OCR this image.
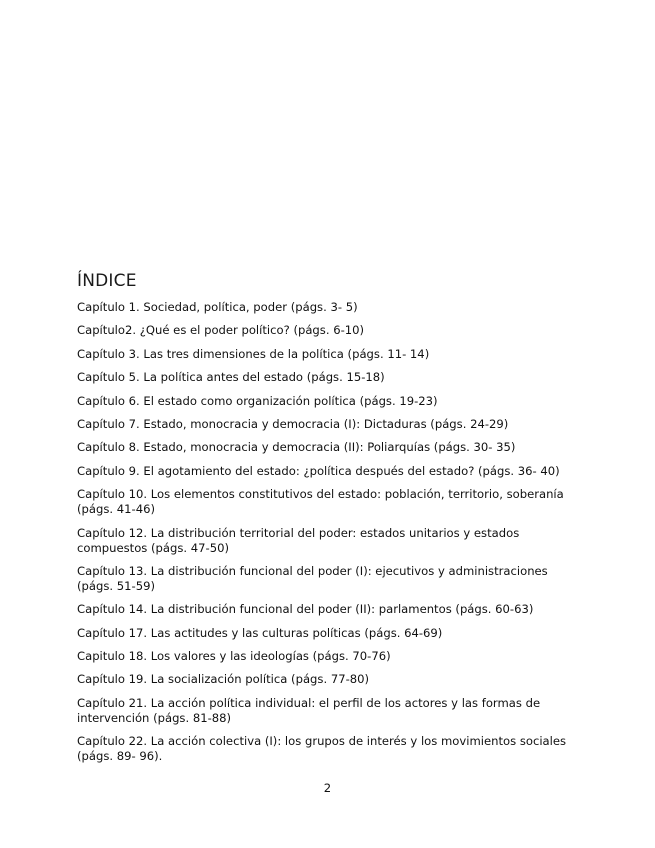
ÍNDICE
Capítulo 1. Sociedad, política, poder (págs. 3- 5)
Capítulo2. ¿Qué es el poder político? (págs. 6-10)
Capítulo 3. Las tres dimensiones de la política (págs. 11- 14)
Capítulo 5. La política antes del estado (págs. 15-18)
Capítulo 6. El estado como organización política (págs. 19-23)
Capítulo 7. Estado, monocracia y democracia (I): Dictaduras (págs. 24-29)
Capítulo 8. Estado, monocracia y democracia (II): Poliarquías (págs. 30- 35)
Capítulo 9. El agotamiento del estado: ¿política después del estado? (págs. 36- 40)
Capítulo 10. Los elementos constitutivos del estado: población, territorio, soberanía (págs. 41-46)
Capítulo 12. La distribución territorial del poder: estados unitarios y estados compuestos (págs. 47-50)
Capítulo 13. La distribución funcional del poder (I): ejecutivos y administraciones (págs. 51-59)
Capítulo 14. La distribución funcional del poder (II): parlamentos (págs. 60-63)
Capítulo 17. Las actitudes y las culturas políticas (págs. 64-69)
Capitulo 18. Los valores y las ideologías (págs. 70-76)
Capítulo 19. La socialización política (págs. 77-80)
Capítulo 21. La acción política individual: el perfil de los actores y las formas de intervención (págs. 81-88)
Capítulo 22. La acción colectiva (I): los grupos de interés y los movimientos sociales (págs. 89- 96).
2
